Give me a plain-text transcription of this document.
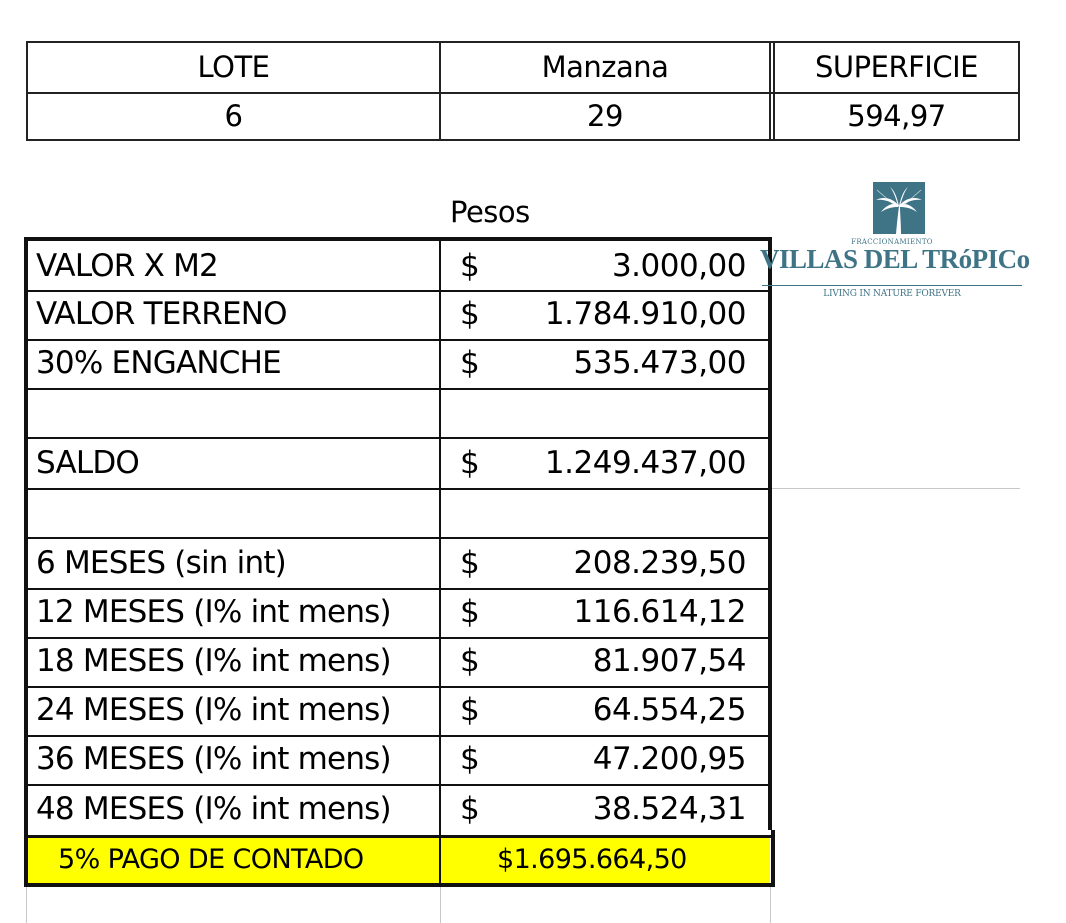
LOTE	Manzana	SUPERFICIE
6	29	594,97
Pesos
VALOR X M2	$	3.000,00
VALOR TERRENO	$ 1.784.910,00
30% ENGANCHE	$	535.473,00
SALDO	$ 1.249.437,00
6 MESES (sin int)	$	208.239,50
12 MESES (I% int mens) $	116.614,12
18 MESES (I% int mens) $	81.907,54
24 MESES (I% int mens) $	64.554,25
36 MESES (I% int mens) $	47.200,95
48 MESES (I% int mens) $	38.524,31
5% PAGO DE CONTADO	$1.695.664,50
FRACCIONAMIENTO
VILLAS DEL TRóPICo
LIVING IN NATURE FOREVER
